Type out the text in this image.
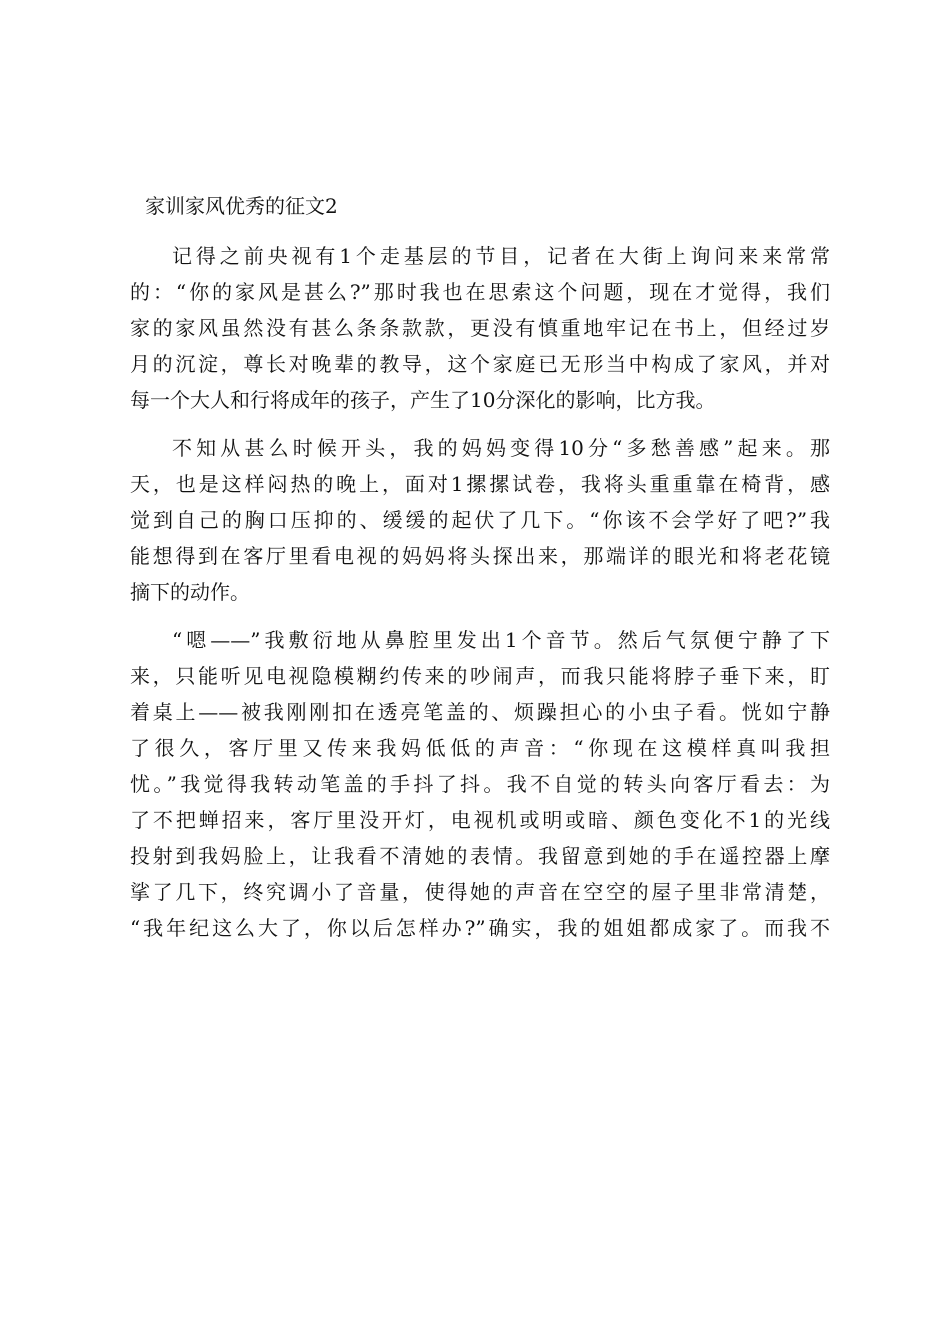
家训家风优秀的征文2
记得之前央视有1个走基层的节目，记者在大街上询问来来常常
的：“你的家风是甚么?”那时我也在思索这个问题，现在才觉得，我们
家的家风虽然没有甚么条条款款，更没有慎重地牢记在书上，但经过岁
月的沉淀，尊长对晚辈的教导，这个家庭已无形当中构成了家风，并对
每一个大人和行将成年的孩子，产生了10分深化的影响，比方我。
不知从甚么时候开头，我的妈妈变得10分“多愁善感”起来。那
天，也是这样闷热的晚上，面对1摞摞试卷，我将头重重靠在椅背，感
觉到自己的胸口压抑的、缓缓的起伏了几下。“你该不会学好了吧?”我
能想得到在客厅里看电视的妈妈将头探出来，那端详的眼光和将老花镜
摘下的动作。
“嗯——”我敷衍地从鼻腔里发出1个音节。然后气氛便宁静了下
来，只能听见电视隐模糊约传来的吵闹声，而我只能将脖子垂下来，盯
着桌上——被我刚刚扣在透亮笔盖的、烦躁担心的小虫子看。恍如宁静
了很久，客厅里又传来我妈低低的声音：“你现在这模样真叫我担
忧。”我觉得我转动笔盖的手抖了抖。我不自觉的转头向客厅看去：为
了不把蝉招来，客厅里没开灯，电视机或明或暗、颜色变化不1的光线
投射到我妈脸上，让我看不清她的表情。我留意到她的手在遥控器上摩
挲了几下，终究调小了音量，使得她的声音在空空的屋子里非常清楚，
“我年纪这么大了，你以后怎样办?”确实，我的姐姐都成家了。而我不
